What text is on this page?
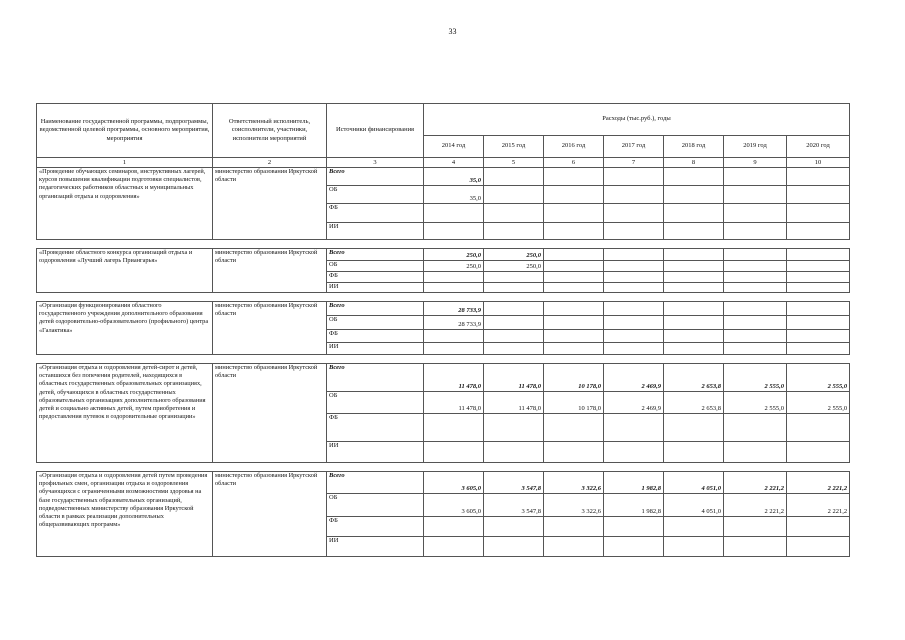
33
Наименование государственной программы, подпрограммы, ведомственной целевой программы, основного мероприятия, мероприятия	Ответственный исполнитель, соисполнители, участники, исполнители мероприятий	Источники финансирования	Расходы (тыс.руб.), годы						
			2014 год	2015 год	2016 год	2017 год	2018 год	2019 год	2020 год
1	2	3	4	5	6	7	8	9	10
«Проведение обучающих семинаров, инструктивных лагерей, курсов повышения квалификации подготовки специалистов, педагогических работников областных и муниципальных организаций отдыха и оздоровления»	министерство образования Иркутской области	Всего	35,0						
		ОБ	35,0						
		ФБ							
		ИИ							

«Проведение областного конкурса организаций отдыха и оздоровления «Лучший лагерь Приангарья»	министерство образования Иркутской области	Всего	250,0	250,0					
		ОБ	250,0	250,0					
		ФБ							
		ИИ							

«Организация функционирования областного государственного учреждения дополнительного образования детей оздоровительно-образовательного (профильного) центра «Галактика»	министерство образования Иркутской области	Всего	28 733,9						
		ОБ	28 733,9						
		ФБ							
		ИИ							

«Организация отдыха и оздоровления детей-сирот и детей, оставшихся без попечения родителей, находящихся в областных государственных образовательных организациях, детей, обучающихся в областных государственных образовательных организациях дополнительного образования детей и социально активных детей, путем приобретения и предоставления путевок в оздоровительные организации»	министерство образования Иркутской области	Всего	11 478,0	11 478,0	10 178,0	2 469,9	2 653,8	2 555,0	2 555,0
		ОБ	11 478,0	11 478,0	10 178,0	2 469,9	2 653,8	2 555,0	2 555,0
		ФБ							
		ИИ							

«Организация отдыха и оздоровления детей путем проведения профильных смен, организации отдыха и оздоровления обучающихся с ограниченными возможностями здоровья на базе государственных образовательных организаций, подведомственных министерству образования Иркутской области в рамках реализации дополнительных общеразвивающих программ»	министерство образования Иркутской области	Всего	3 605,0	3 547,8	3 322,6	1 982,8	4 051,0	2 221,2	2 221,2
		ОБ	3 605,0	3 547,8	3 322,6	1 982,8	4 051,0	2 221,2	2 221,2
		ФБ							
		ИИ							
